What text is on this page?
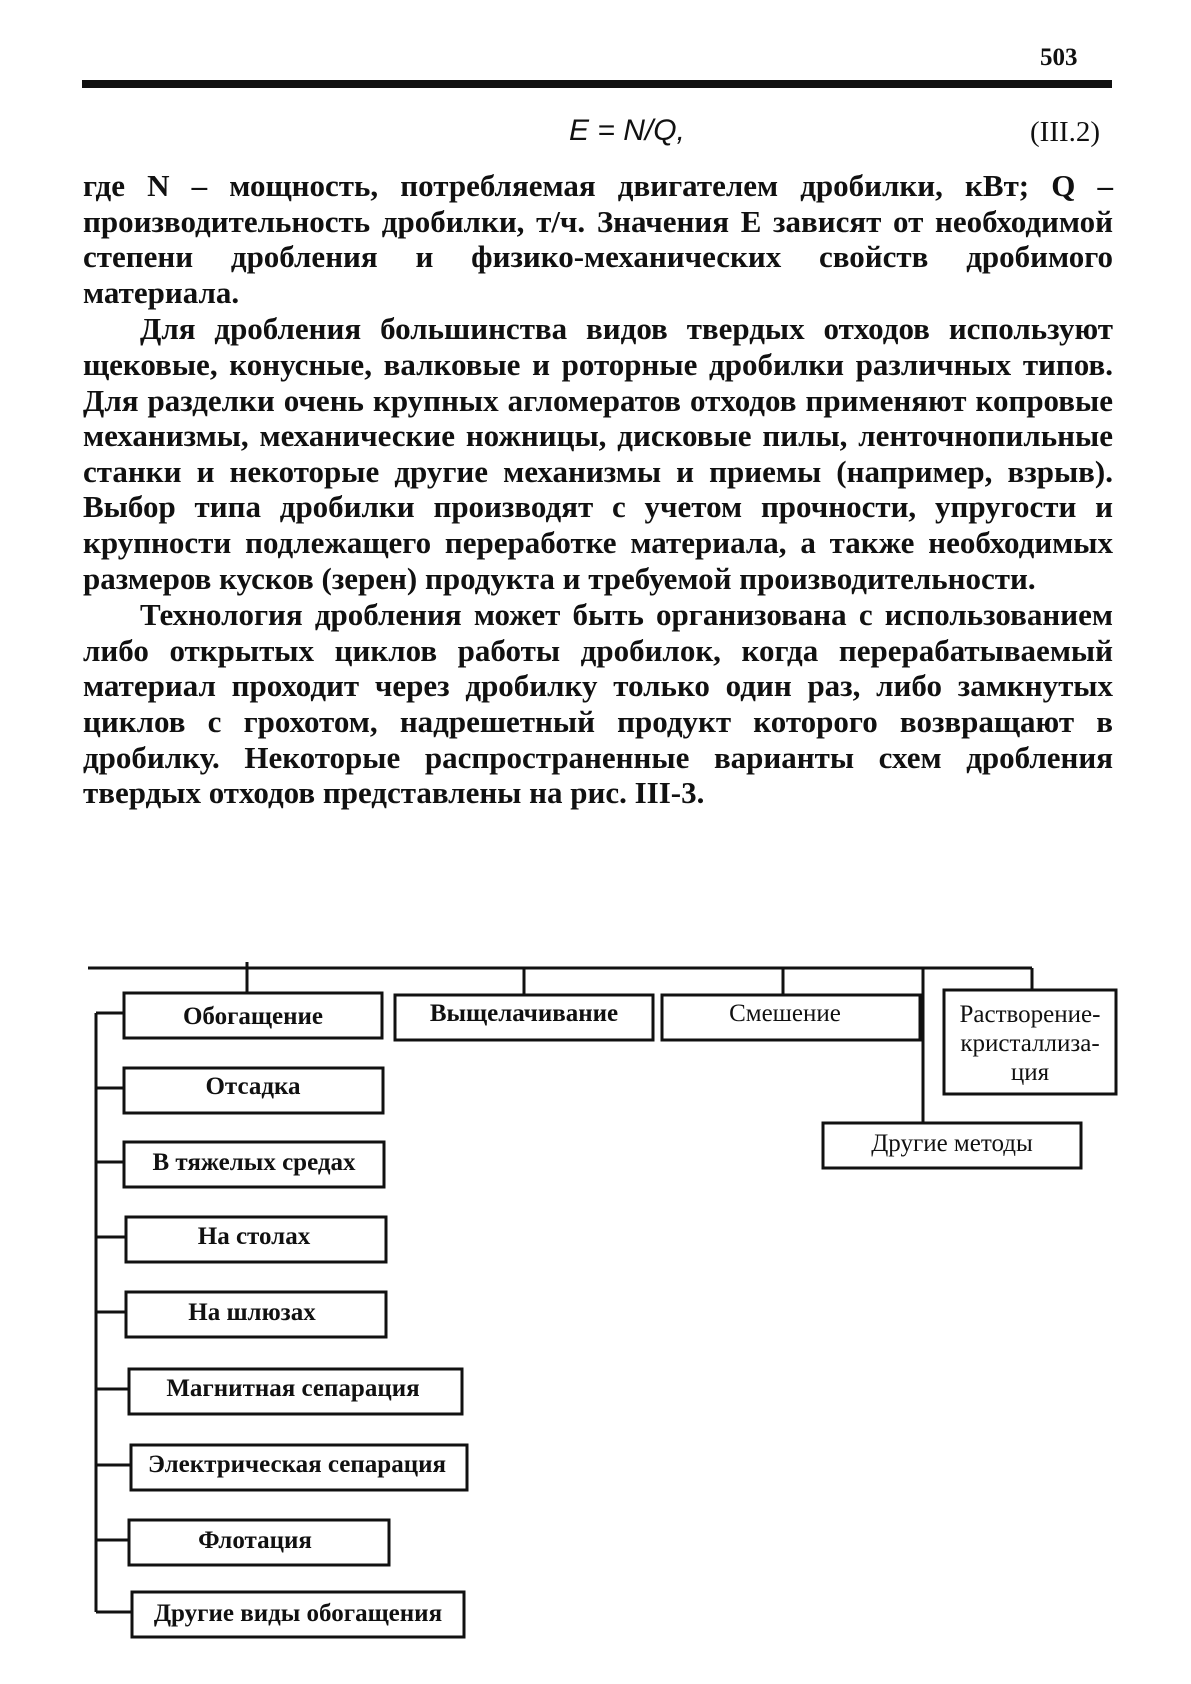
503
E = N/Q,	(III.2)

где N – мощность, потребляемая двигателем дробилки, кВт; Q – производительность дробилки, т/ч. Значения E зависят от необходимой степени дробления и физико-механических свойств дробимого материала.

Для дробления большинства видов твердых отходов используют щековые, конусные, валковые и роторные дробилки различных типов. Для разделки очень крупных агломератов отходов применяют копровые механизмы, механические ножницы, дисковые пилы, ленточнопильные станки и некоторые другие механизмы и приемы (например, взрыв). Выбор типа дробилки производят с учетом прочности, упругости и крупности подлежащего переработке материала, а также необходимых размеров кусков (зерен) продукта и требуемой производительности.

Технология дробления может быть организована с использованием либо открытых циклов работы дробилок, когда перерабатываемый материал проходит через дробилку только один раз, либо замкнутых циклов с грохотом, надрешетный продукт которого возвращают в дробилку. Некоторые распространенные варианты схем дробления твердых отходов представлены на рис. III-3.

Обогащение	Выщелачивание	Смешение	Растворение-
кристаллиза-
ция
Другие методы
Отсадка
В тяжелых средах
На столах
На шлюзах
Магнитная сепарация
Электрическая сепарация
Флотация
Другие виды обогащения
